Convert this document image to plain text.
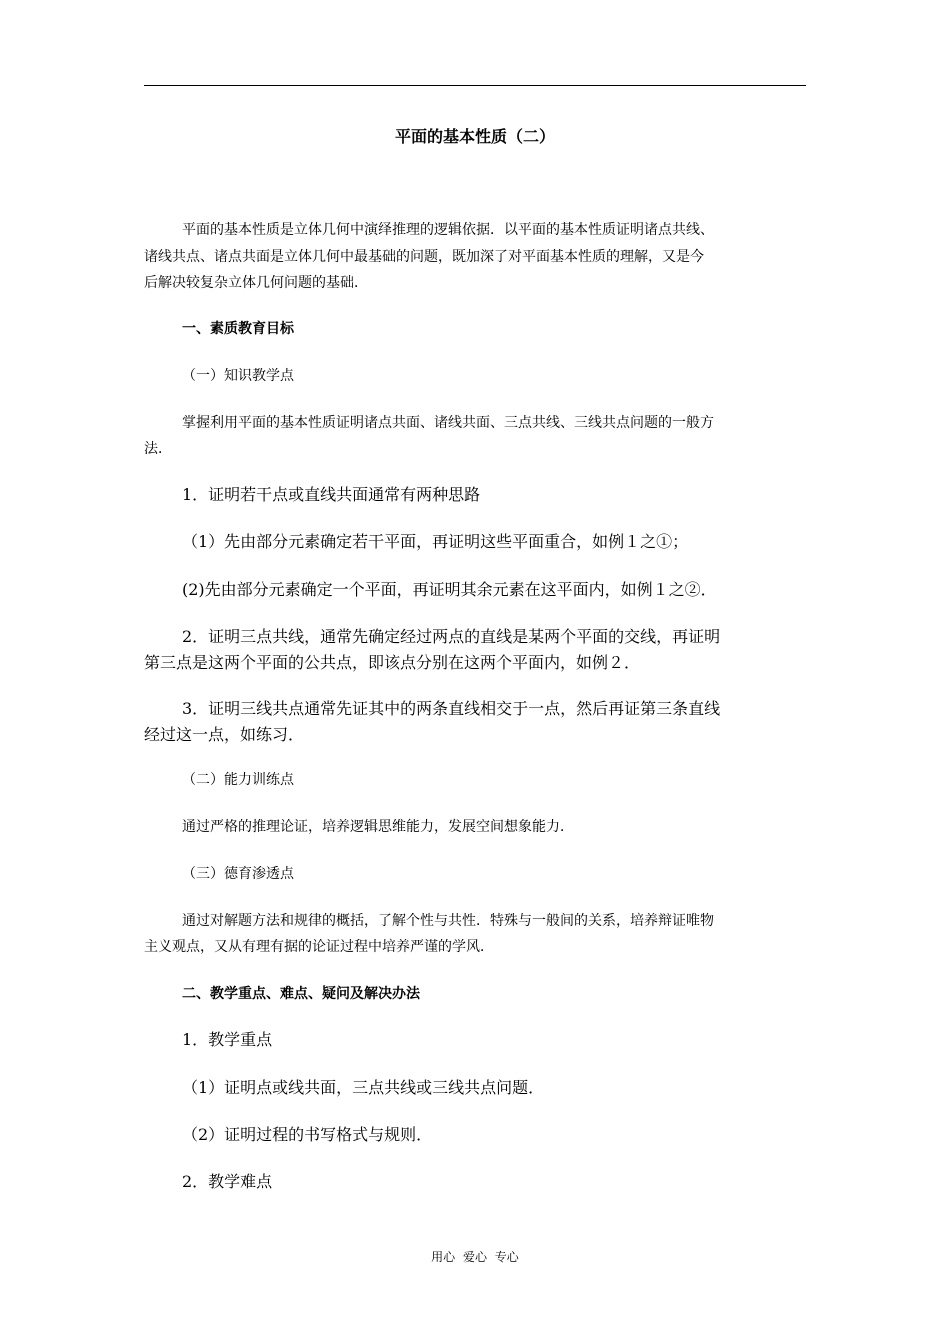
平面的基本性质（二）
平面的基本性质是立体几何中演绎推理的逻辑依据．以平面的基本性质证明诸点共线、
诸线共点、诸点共面是立体几何中最基础的问题，既加深了对平面基本性质的理解，又是今
后解决较复杂立体几何问题的基础．
一、素质教育目标
（一）知识教学点
掌握利用平面的基本性质证明诸点共面、诸线共面、三点共线、三线共点问题的一般方
法．
1．证明若干点或直线共面通常有两种思路
（1）先由部分元素确定若干平面，再证明这些平面重合，如例１之①；
(2)先由部分元素确定一个平面，再证明其余元素在这平面内，如例１之②．
2．证明三点共线，通常先确定经过两点的直线是某两个平面的交线，再证明
第三点是这两个平面的公共点，即该点分别在这两个平面内，如例２．
3．证明三线共点通常先证其中的两条直线相交于一点，然后再证第三条直线
经过这一点，如练习．
（二）能力训练点
通过严格的推理论证，培养逻辑思维能力，发展空间想象能力．
（三）德育渗透点
通过对解题方法和规律的概括，了解个性与共性．特殊与一般间的关系，培养辩证唯物
主义观点，又从有理有据的论证过程中培养严谨的学风．
二、教学重点、难点、疑问及解决办法
1．教学重点
（1）证明点或线共面，三点共线或三线共点问题．
（2）证明过程的书写格式与规则．
2．教学难点
用心 爱心 专心
